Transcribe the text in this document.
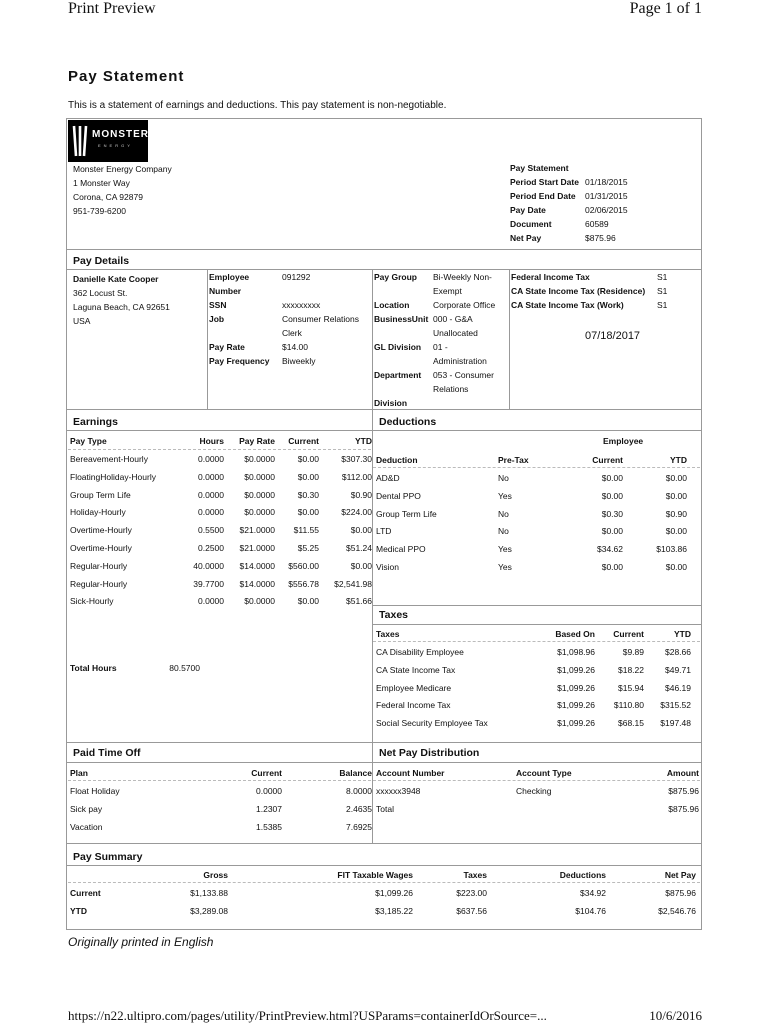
Print Preview	Page 1 of 1
Pay Statement
This is a statement of earnings and deductions. This pay statement is non-negotiable.
MONSTER
ENERGY
Monster Energy Company
1 Monster Way
Corona, CA 92879
951-739-6200
Pay Statement
Period Start Date 01/18/2015
Period End Date 01/31/2015
Pay Date	02/06/2015
Document	60589
Net Pay	$875.96
Pay Details
Danielle Kate Cooper
362 Locust St.
Laguna Beach, CA 92651
USA
Employee
Number
091292
SSN	xxxxxxxxx
Job	Consumer Relations
Clerk
Pay Rate	$14.00
Pay Frequency Biweekly
Pay Group Bi-Weekly Non-
Exempt
Location	Corporate Office
BusinessUnit 000 - G&A
Unallocated
GL Division 01 -
Administration
Department 053 - Consumer
Relations
Division
Federal Income Tax	S1
CA State Income Tax (Residence) S1
CA State Income Tax (Work)	S1
07/18/2017
Earnings	Deductions
Pay Type	Hours	Pay Rate	Current	YTD
Bereavement-Hourly	0.0000	$0.0000	$0.00	$307.30
FloatingHoliday-Hourly	0.0000	$0.0000	$0.00	$112.00
Group Term Life	0.0000	$0.0000	$0.30	$0.90
Holiday-Hourly	0.0000	$0.0000	$0.00	$224.00
Overtime-Hourly	0.5500	$21.0000	$11.55	$0.00
Overtime-Hourly	0.2500	$21.0000	$5.25	$51.24
Regular-Hourly	40.0000	$14.0000	$560.00	$0.00
Regular-Hourly	39.7700	$14.0000	$556.78	$2,541.98
Sick-Hourly	0.0000	$0.0000	$0.00	$51.66
Total Hours	80.5700
Employee
Deduction	Pre-Tax	Current	YTD
AD&D	No	$0.00	$0.00
Dental PPO	Yes	$0.00	$0.00
Group Term Life	No	$0.30	$0.90
LTD	No	$0.00	$0.00
Medical PPO	Yes	$34.62	$103.86
Vision	Yes	$0.00	$0.00
Taxes
Taxes	Based On	Current	YTD
CA Disability Employee	$1,098.96	$9.89	$28.66
CA State Income Tax	$1,099.26	$18.22	$49.71
Employee Medicare	$1,099.26	$15.94	$46.19
Federal Income Tax	$1,099.26	$110.80	$315.52
Social Security Employee Tax	$1,099.26	$68.15	$197.48
Paid Time Off	Net Pay Distribution
Plan	Current	Balance
Float Holiday	0.0000	8.0000
Sick pay	1.2307	2.4635
Vacation	1.5385	7.6925
Account Number	Account Type	Amount
xxxxxx3948	Checking	$875.96
Total	$875.96
Pay Summary
Gross	FIT Taxable Wages	Taxes	Deductions	Net Pay
Current	$1,133.88	$1,099.26	$223.00	$34.92	$875.96
YTD	$3,289.08	$3,185.22	$637.56	$104.76	$2,546.76
Originally printed in English
https://n22.ultipro.com/pages/utility/PrintPreview.html?USParams=containerIdOrSource=...	10/6/2016
